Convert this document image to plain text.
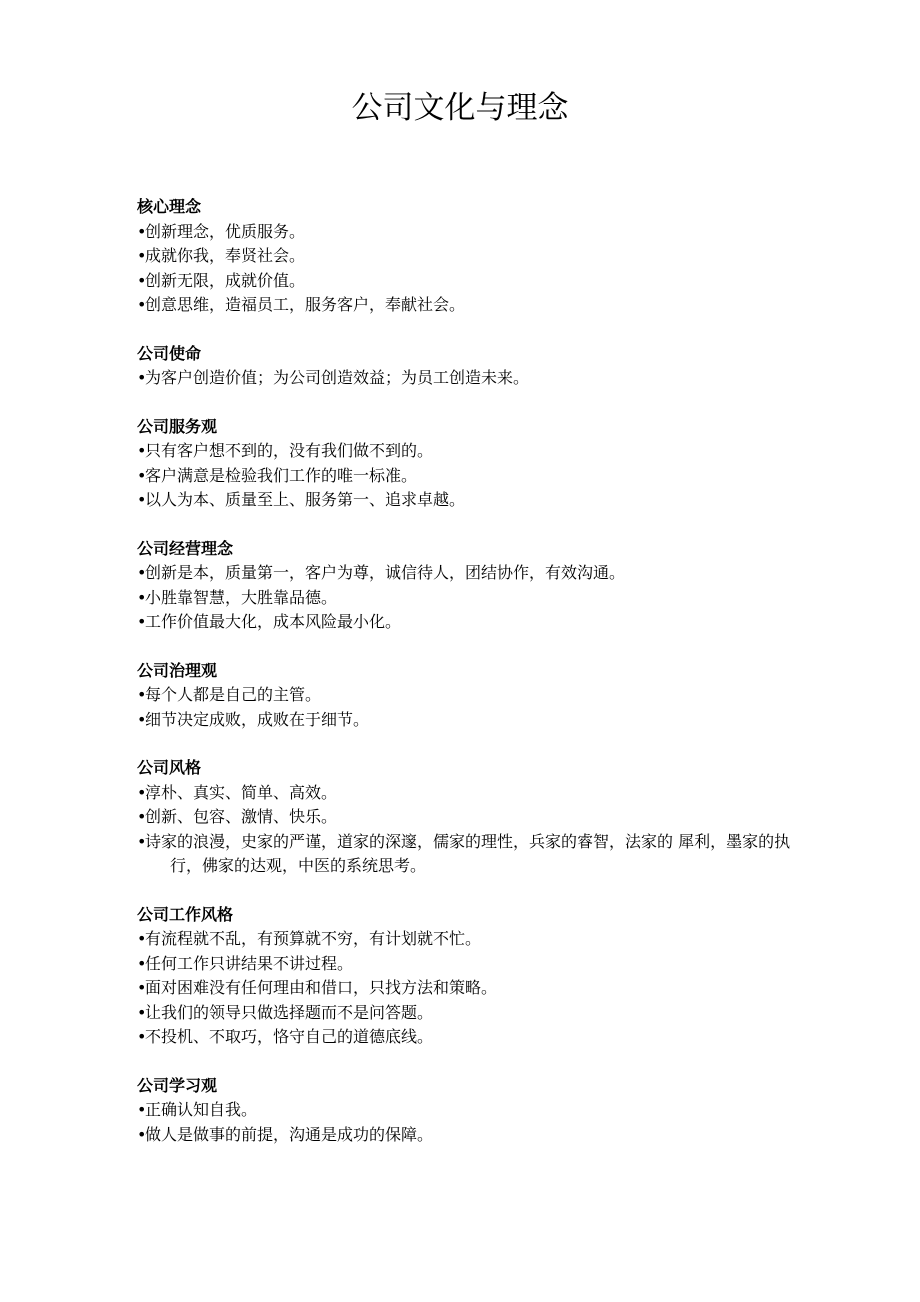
公司文化与理念

核心理念

•创新理念，优质服务。

•成就你我，奉贤社会。

•创新无限，成就价值。

•创意思维，造福员工，服务客户，奉献社会。

公司使命

•为客户创造价值；为公司创造效益；为员工创造未来。

公司服务观

•只有客户想不到的，没有我们做不到的。

•客户满意是检验我们工作的唯一标准。

•以人为本、质量至上、服务第一、追求卓越。

公司经营理念

•创新是本，质量第一，客户为尊，诚信待人，团结协作，有效沟通。

•小胜靠智慧，大胜靠品德。

•工作价值最大化，成本风险最小化。

公司治理观

•每个人都是自己的主管。

•细节决定成败，成败在于细节。

公司风格

•淳朴、真实、简单、高效。

•创新、包容、激情、快乐。

•诗家的浪漫，史家的严谨，道家的深邃，儒家的理性，兵家的睿智，法家的 犀利，墨家的执行，佛家的达观，中医的系统思考。

公司工作风格

•有流程就不乱，有预算就不穷，有计划就不忙。

•任何工作只讲结果不讲过程。

•面对困难没有任何理由和借口，只找方法和策略。

•让我们的领导只做选择题而不是问答题。

•不投机、不取巧，恪守自己的道德底线。

公司学习观

•正确认知自我。

•做人是做事的前提，沟通是成功的保障。
